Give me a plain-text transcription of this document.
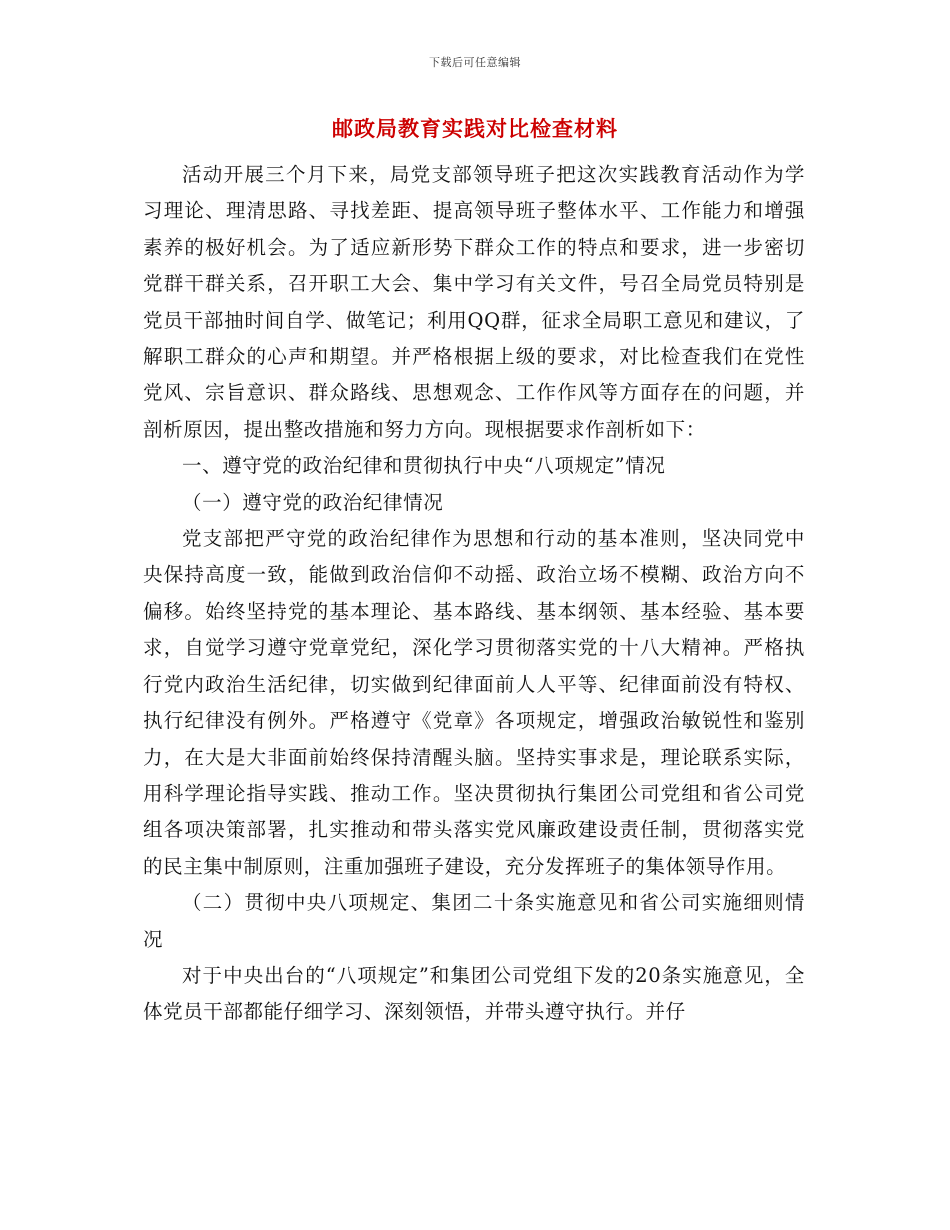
下载后可任意编辑
邮政局教育实践对比检查材料

活动开展三个月下来，局党支部领导班子把这次实践教育活动作为学习理论、理清思路、寻找差距、提高领导班子整体水平、工作能力和增强素养的极好机会。为了适应新形势下群众工作的特点和要求，进一步密切党群干群关系，召开职工大会、集中学习有关文件，号召全局党员特别是党员干部抽时间自学、做笔记；利用QQ群，征求全局职工意见和建议，了解职工群众的心声和期望。并严格根据上级的要求，对比检查我们在党性党风、宗旨意识、群众路线、思想观念、工作作风等方面存在的问题，并剖析原因，提出整改措施和努力方向。现根据要求作剖析如下：

一、遵守党的政治纪律和贯彻执行中央“八项规定”情况

（一）遵守党的政治纪律情况

党支部把严守党的政治纪律作为思想和行动的基本准则，坚决同党中央保持高度一致，能做到政治信仰不动摇、政治立场不模糊、政治方向不偏移。始终坚持党的基本理论、基本路线、基本纲领、基本经验、基本要求，自觉学习遵守党章党纪，深化学习贯彻落实党的十八大精神。严格执行党内政治生活纪律，切实做到纪律面前人人平等、纪律面前没有特权、执行纪律没有例外。严格遵守《党章》各项规定，增强政治敏锐性和鉴别力，在大是大非面前始终保持清醒头脑。坚持实事求是，理论联系实际，用科学理论指导实践、推动工作。坚决贯彻执行集团公司党组和省公司党组各项决策部署，扎实推动和带头落实党风廉政建设责任制，贯彻落实党的民主集中制原则，注重加强班子建设，充分发挥班子的集体领导作用。

（二）贯彻中央八项规定、集团二十条实施意见和省公司实施细则情况

对于中央出台的“八项规定”和集团公司党组下发的20条实施意见，全体党员干部都能仔细学习、深刻领悟，并带头遵守执行。并仔
